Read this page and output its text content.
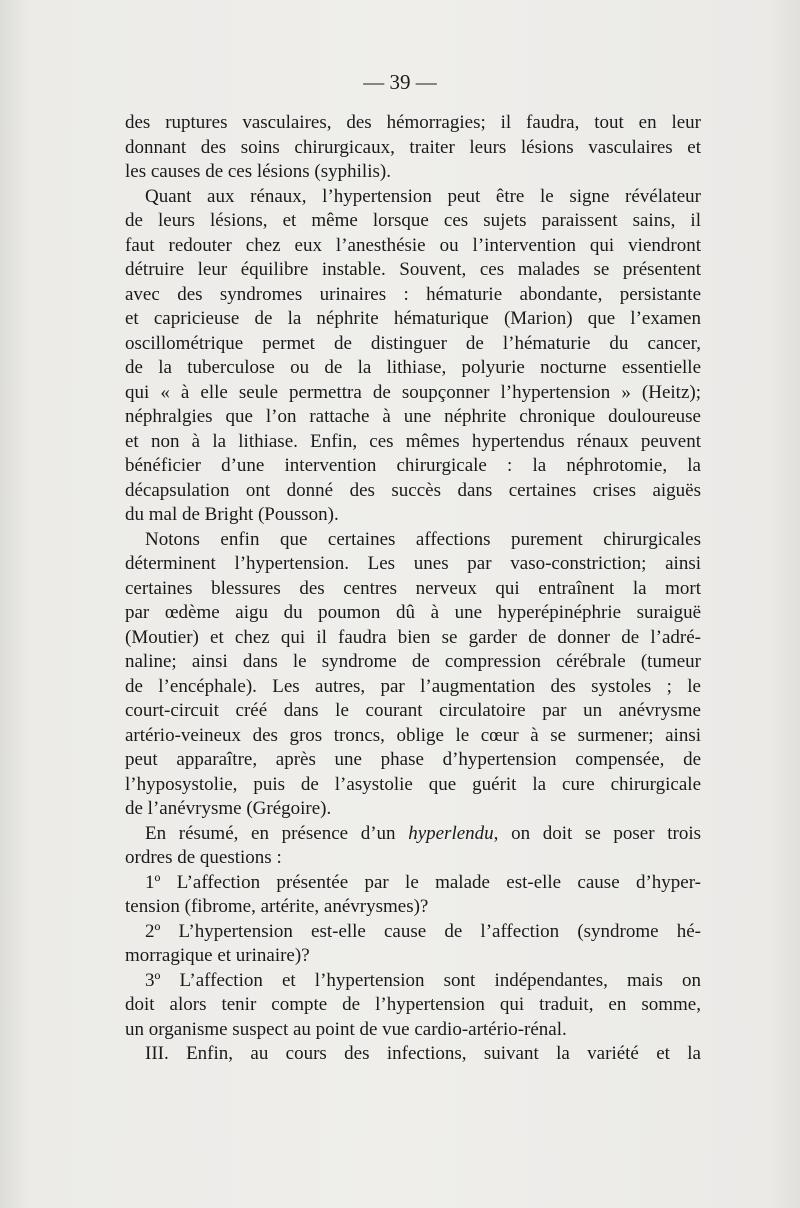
— 39 —
des ruptures vasculaires, des hémorragies; il faudra, tout en leur
donnant des soins chirurgicaux, traiter leurs lésions vasculaires et
les causes de ces lésions (syphilis).
Quant aux rénaux, l’hypertension peut être le signe révélateur
de leurs lésions, et même lorsque ces sujets paraissent sains, il
faut redouter chez eux l’anesthésie ou l’intervention qui viendront
détruire leur équilibre instable. Souvent, ces malades se présentent
avec des syndromes urinaires : hématurie abondante, persistante
et capricieuse de la néphrite hématurique (Marion) que l’examen
oscillométrique permet de distinguer de l’hématurie du cancer,
de la tuberculose ou de la lithiase, polyurie nocturne essentielle
qui « à elle seule permettra de soupçonner l’hypertension » (Heitz);
néphralgies que l’on rattache à une néphrite chronique douloureuse
et non à la lithiase. Enfin, ces mêmes hypertendus rénaux peuvent
bénéficier d’une intervention chirurgicale : la néphrotomie, la
décapsulation ont donné des succès dans certaines crises aiguës
du mal de Bright (Pousson).
Notons enfin que certaines affections purement chirurgicales
déterminent l’hypertension. Les unes par vaso-constriction; ainsi
certaines blessures des centres nerveux qui entraînent la mort
par œdème aigu du poumon dû à une hyperépinéphrie suraiguë
(Moutier) et chez qui il faudra bien se garder de donner de l’adré-
naline; ainsi dans le syndrome de compression cérébrale (tumeur
de l’encéphale). Les autres, par l’augmentation des systoles ; le
court-circuit créé dans le courant circulatoire par un anévrysme
artério-veineux des gros troncs, oblige le cœur à se surmener; ainsi
peut apparaître, après une phase d’hypertension compensée, de
l’hyposystolie, puis de l’asystolie que guérit la cure chirurgicale
de l’anévrysme (Grégoire).
En résumé, en présence d’un hyperlendu, on doit se poser trois
ordres de questions :
1º L’affection présentée par le malade est-elle cause d’hyper-
tension (fibrome, artérite, anévrysmes)?
2º L’hypertension est-elle cause de l’affection (syndrome hé-
morragique et urinaire)?
3º L’affection et l’hypertension sont indépendantes, mais on
doit alors tenir compte de l’hypertension qui traduit, en somme,
un organisme suspect au point de vue cardio-artério-rénal.
III. Enfin, au cours des infections, suivant la variété et la
